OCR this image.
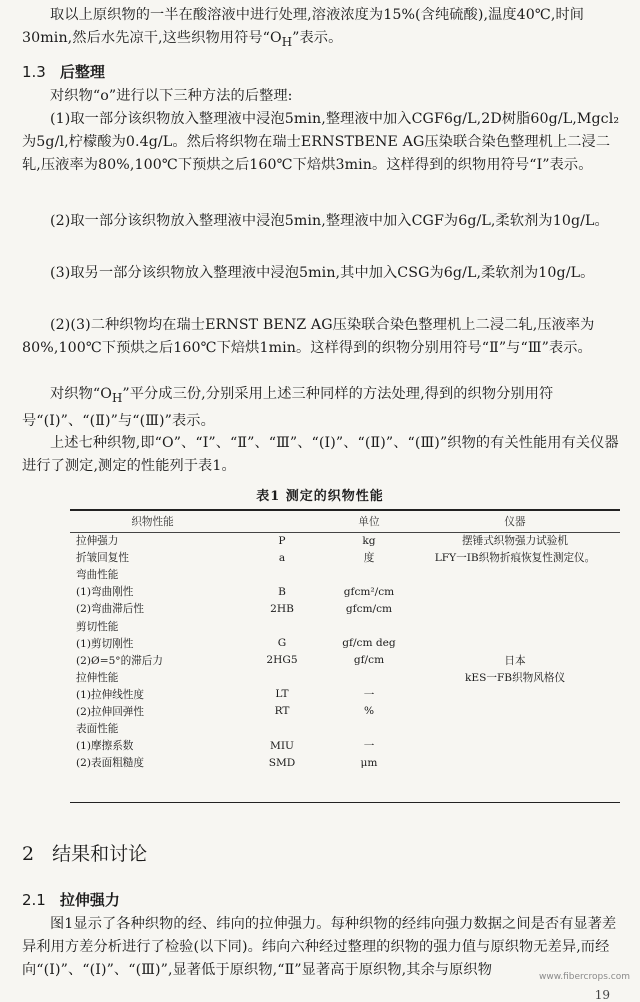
取以上原织物的一半在酸溶液中进行处理,溶液浓度为15%(含纯硫酸),温度40℃,时间30min,然后水先凉干,这些织物用符号“$O_H$”表示。

1.3 后整理

对织物“o”进行以下三种方法的后整理:

(1)取一部分该织物放入整理液中浸泡5min,整理液中加入CGF6g/L,2D树脂60g/L,Mgcl₂为5g/l,柠檬酸为0.4g/L。然后将织物在瑞士ERNSTBENE AG压染联合染色整理机上二浸二轧,压液率为80%,100℃下预烘之后160℃下焙烘3min。这样得到的织物用符号“Ⅰ”表示。

(2)取一部分该织物放入整理液中浸泡5min,整理液中加入CGF为6g/L,柔软剂为10g/L。

(3)取另一部分该织物放入整理液中浸泡5min,其中加入CSG为6g/L,柔软剂为10g/L。

(2)(3)二种织物均在瑞士ERNST BENZ AG压染联合染色整理机上二浸二轧,压液率为80%,100℃下预烘之后160℃下焙烘1min。这样得到的织物分别用符号“Ⅱ”与“Ⅲ”表示。

对织物“$O_H$”平分成三份,分别采用上述三种同样的方法处理,得到的织物分别用符号“(Ⅰ)”、“(Ⅱ)”与“(Ⅲ)”表示。

上述七种织物,即“O”、“Ⅰ”、“Ⅱ”、“Ⅲ”、“(Ⅰ)”、“(Ⅱ)”、“(Ⅲ)”织物的有关性能用有关仪器进行了测定,测定的性能列于表1。

表1 测定的织物性能
织物性能		单位	仪器
拉伸强力	P	kg	摆锤式织物强力试验机
折皱回复性	a	度	LFY一IB织物折痕恢复性测定仪。
弯曲性能			
(1)弯曲刚性	B	gfcm²/cm	
(2)弯曲滞后性	2HB	gfcm/cm	
剪切性能			
(1)剪切刚性	G	gf/cm deg	
(2)Ø=5°的滞后力	2HG5	gf/cm	日本
拉伸性能			kES一FB织物风格仪
(1)拉伸线性度	LT	一	
(2)拉伸回弹性	RT	%	
表面性能			
(1)摩擦系数	MIU	一	
(2)表面粗糙度	SMD	μm	
2 结果和讨论
2.1 拉伸强力

图1显示了各种织物的经、纬向的拉伸强力。每种织物的经纬向强力数据之间是否有显著差异利用方差分析进行了检验(以下同)。纬向六种经过整理的织物的强力值与原织物无差异,而经向“(Ⅰ)”、“(Ⅰ)”、“(Ⅲ)”,显著低于原织物,“Ⅱ”显著高于原织物,其余与原织物

19
www.fibercrops.com
